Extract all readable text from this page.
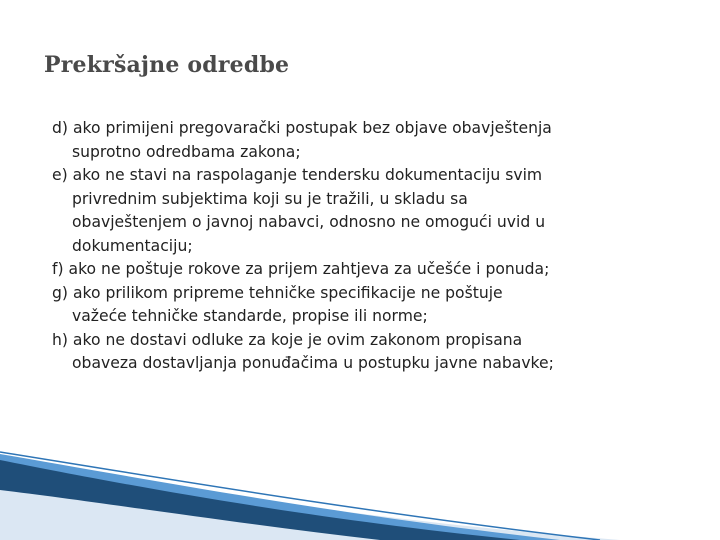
Prekršajne odredbe

d) ako primijeni pregovarački postupak bez objave obavještenja
suprotno odredbama zakona;

e) ako ne stavi na raspolaganje tendersku dokumentaciju svim
privrednim subjektima koji su je tražili, u skladu sa
obavještenjem o javnoj nabavci, odnosno ne omogući uvid u
dokumentaciju;

f) ako ne poštuje rokove za prijem zahtjeva za učešće i ponuda;

g) ako prilikom pripreme tehničke specifikacije ne poštuje
važeće tehničke standarde, propise ili norme;

h) ako ne dostavi odluke za koje je ovim zakonom propisana
obaveza dostavljanja ponuđačima u postupku javne nabavke;
